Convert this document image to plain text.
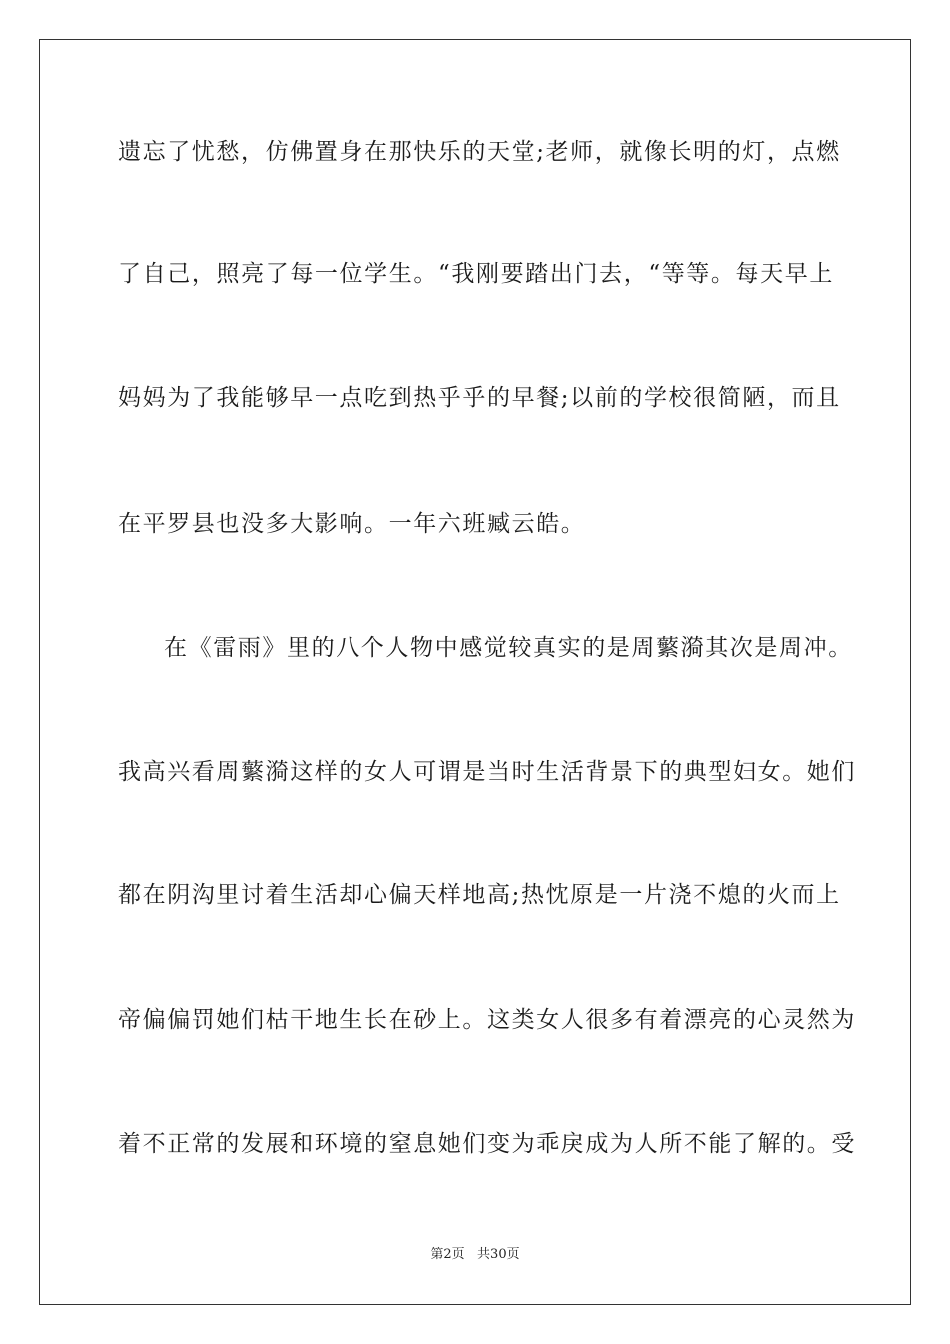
遗忘了忧愁，仿佛置身在那快乐的天堂;老师，就像长明的灯，点燃
了自己，照亮了每一位学生。“我刚要踏出门去，“等等。每天早上
妈妈为了我能够早一点吃到热乎乎的早餐;以前的学校很简陋，而且
在平罗县也没多大影响。一年六班臧云皓。
在《雷雨》里的八个人物中感觉较真实的是周蘩漪其次是周冲。
我高兴看周蘩漪这样的女人可谓是当时生活背景下的典型妇女。她们
都在阴沟里讨着生活却心偏天样地高;热忱原是一片浇不熄的火而上
帝偏偏罚她们枯干地生长在砂上。这类女人很多有着漂亮的心灵然为
着不正常的发展和环境的窒息她们变为乖戾成为人所不能了解的。受
第2页   共30页
